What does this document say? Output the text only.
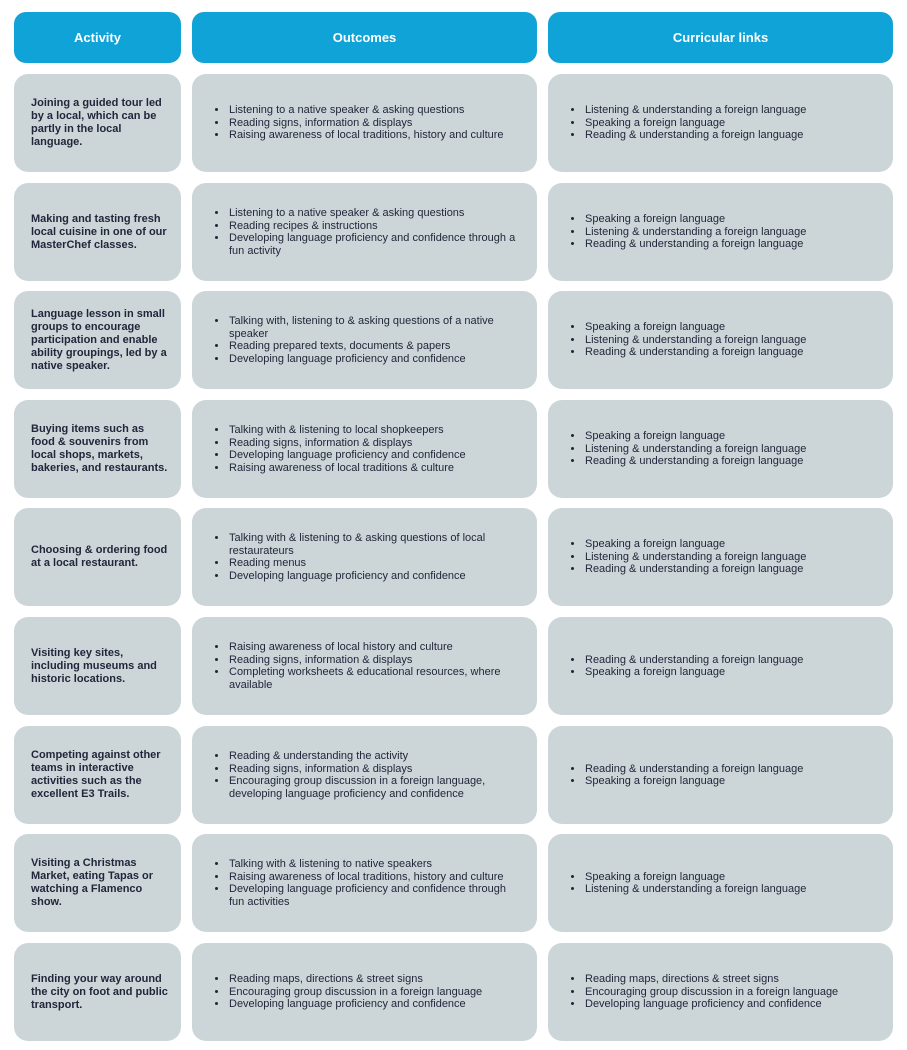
Activity	Outcomes	Curricular links
Joining a guided tour led by a local, which can be partly in the local language.
• Listening to a native speaker & asking questions
• Reading signs, information & displays
• Raising awareness of local traditions, history and culture
• Listening & understanding a foreign language
• Speaking a foreign language
• Reading & understanding a foreign language
Making and tasting fresh local cuisine in one of our MasterChef classes.
• Listening to a native speaker & asking questions
• Reading recipes & instructions
• Developing language proficiency and confidence through a fun activity
• Speaking a foreign language
• Listening & understanding a foreign language
• Reading & understanding a foreign language
Language lesson in small groups to encourage participation and enable ability groupings, led by a native speaker.
• Talking with, listening to & asking questions of a native speaker
• Reading prepared texts, documents & papers
• Developing language proficiency and confidence
• Speaking a foreign language
• Listening & understanding a foreign language
• Reading & understanding a foreign language
Buying items such as food & souvenirs from local shops, markets, bakeries, and restaurants.
• Talking with & listening to local shopkeepers
• Reading signs, information & displays
• Developing language proficiency and confidence
• Raising awareness of local traditions & culture
• Speaking a foreign language
• Listening & understanding a foreign language
• Reading & understanding a foreign language
Choosing & ordering food at a local restaurant.
• Talking with & listening to & asking questions of local restaurateurs
• Reading menus
• Developing language proficiency and confidence
• Speaking a foreign language
• Listening & understanding a foreign language
• Reading & understanding a foreign language
Visiting key sites, including museums and historic locations.
• Raising awareness of local history and culture
• Reading signs, information & displays
• Completing worksheets & educational resources, where available
• Reading & understanding a foreign language
• Speaking a foreign language
Competing against other teams in interactive activities such as the excellent E3 Trails.
• Reading & understanding the activity
• Reading signs, information & displays
• Encouraging group discussion in a foreign language, developing language proficiency and confidence
• Reading & understanding a foreign language
• Speaking a foreign language
Visiting a Christmas Market, eating Tapas or watching a Flamenco show.
• Talking with & listening to native speakers
• Raising awareness of local traditions, history and culture
• Developing language proficiency and confidence through fun activities
• Speaking a foreign language
• Listening & understanding a foreign language
Finding your way around the city on foot and public transport.
• Reading maps, directions & street signs
• Encouraging group discussion in a foreign language
• Developing language proficiency and confidence
• Reading maps, directions & street signs
• Encouraging group discussion in a foreign language
• Developing language proficiency and confidence
